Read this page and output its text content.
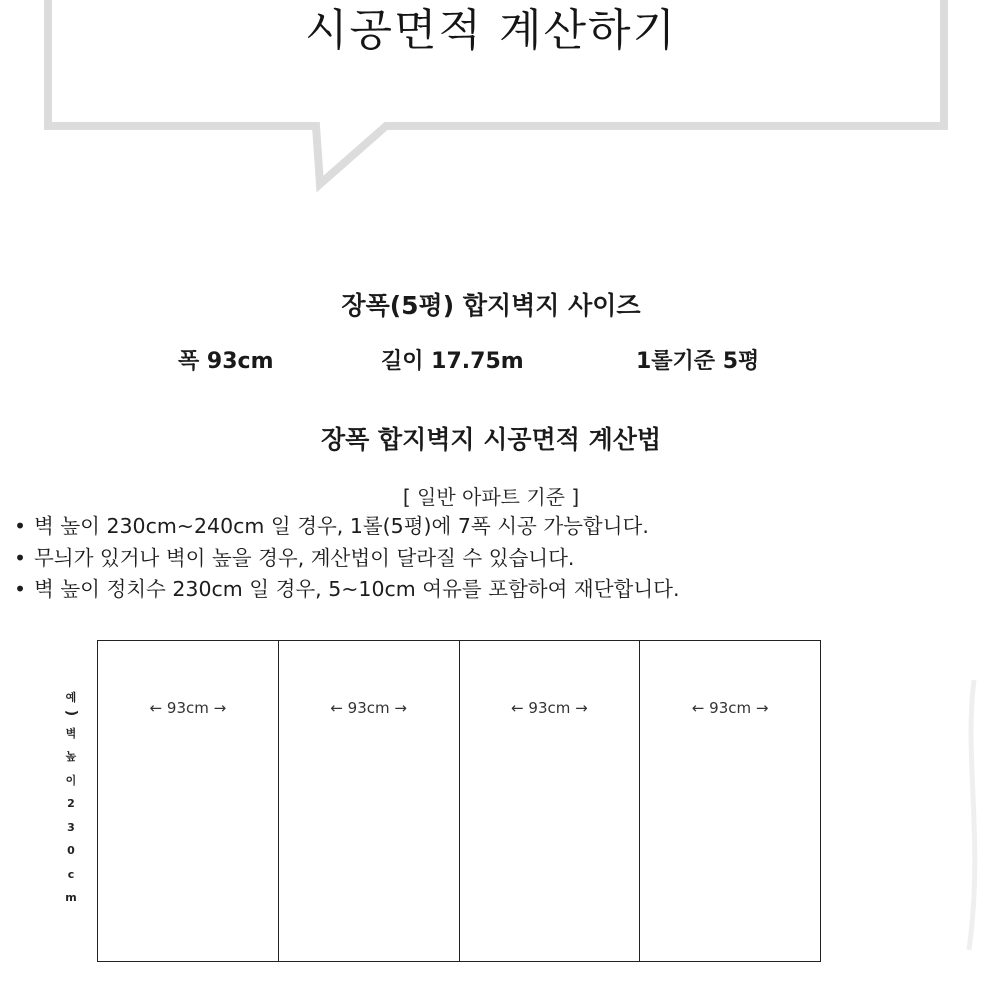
시공면적 계산하기
장폭(5평) 합지벽지 사이즈
폭 93cm	길이 17.75m	1롤기준 5평
장폭 합지벽지 시공면적 계산법
[ 일반 아파트 기준 ]
• 벽 높이 230cm~240cm 일 경우, 1롤(5평)에 7폭 시공 가능합니다.
• 무늬가 있거나 벽이 높을 경우, 계산법이 달라질 수 있습니다.
• 벽 높이 정치수 230cm 일 경우, 5~10cm 여유를 포함하여 재단합니다.
예
)
벽
높
이
2
3
0
c
m
← 93cm →	← 93cm →	← 93cm →	← 93cm →
